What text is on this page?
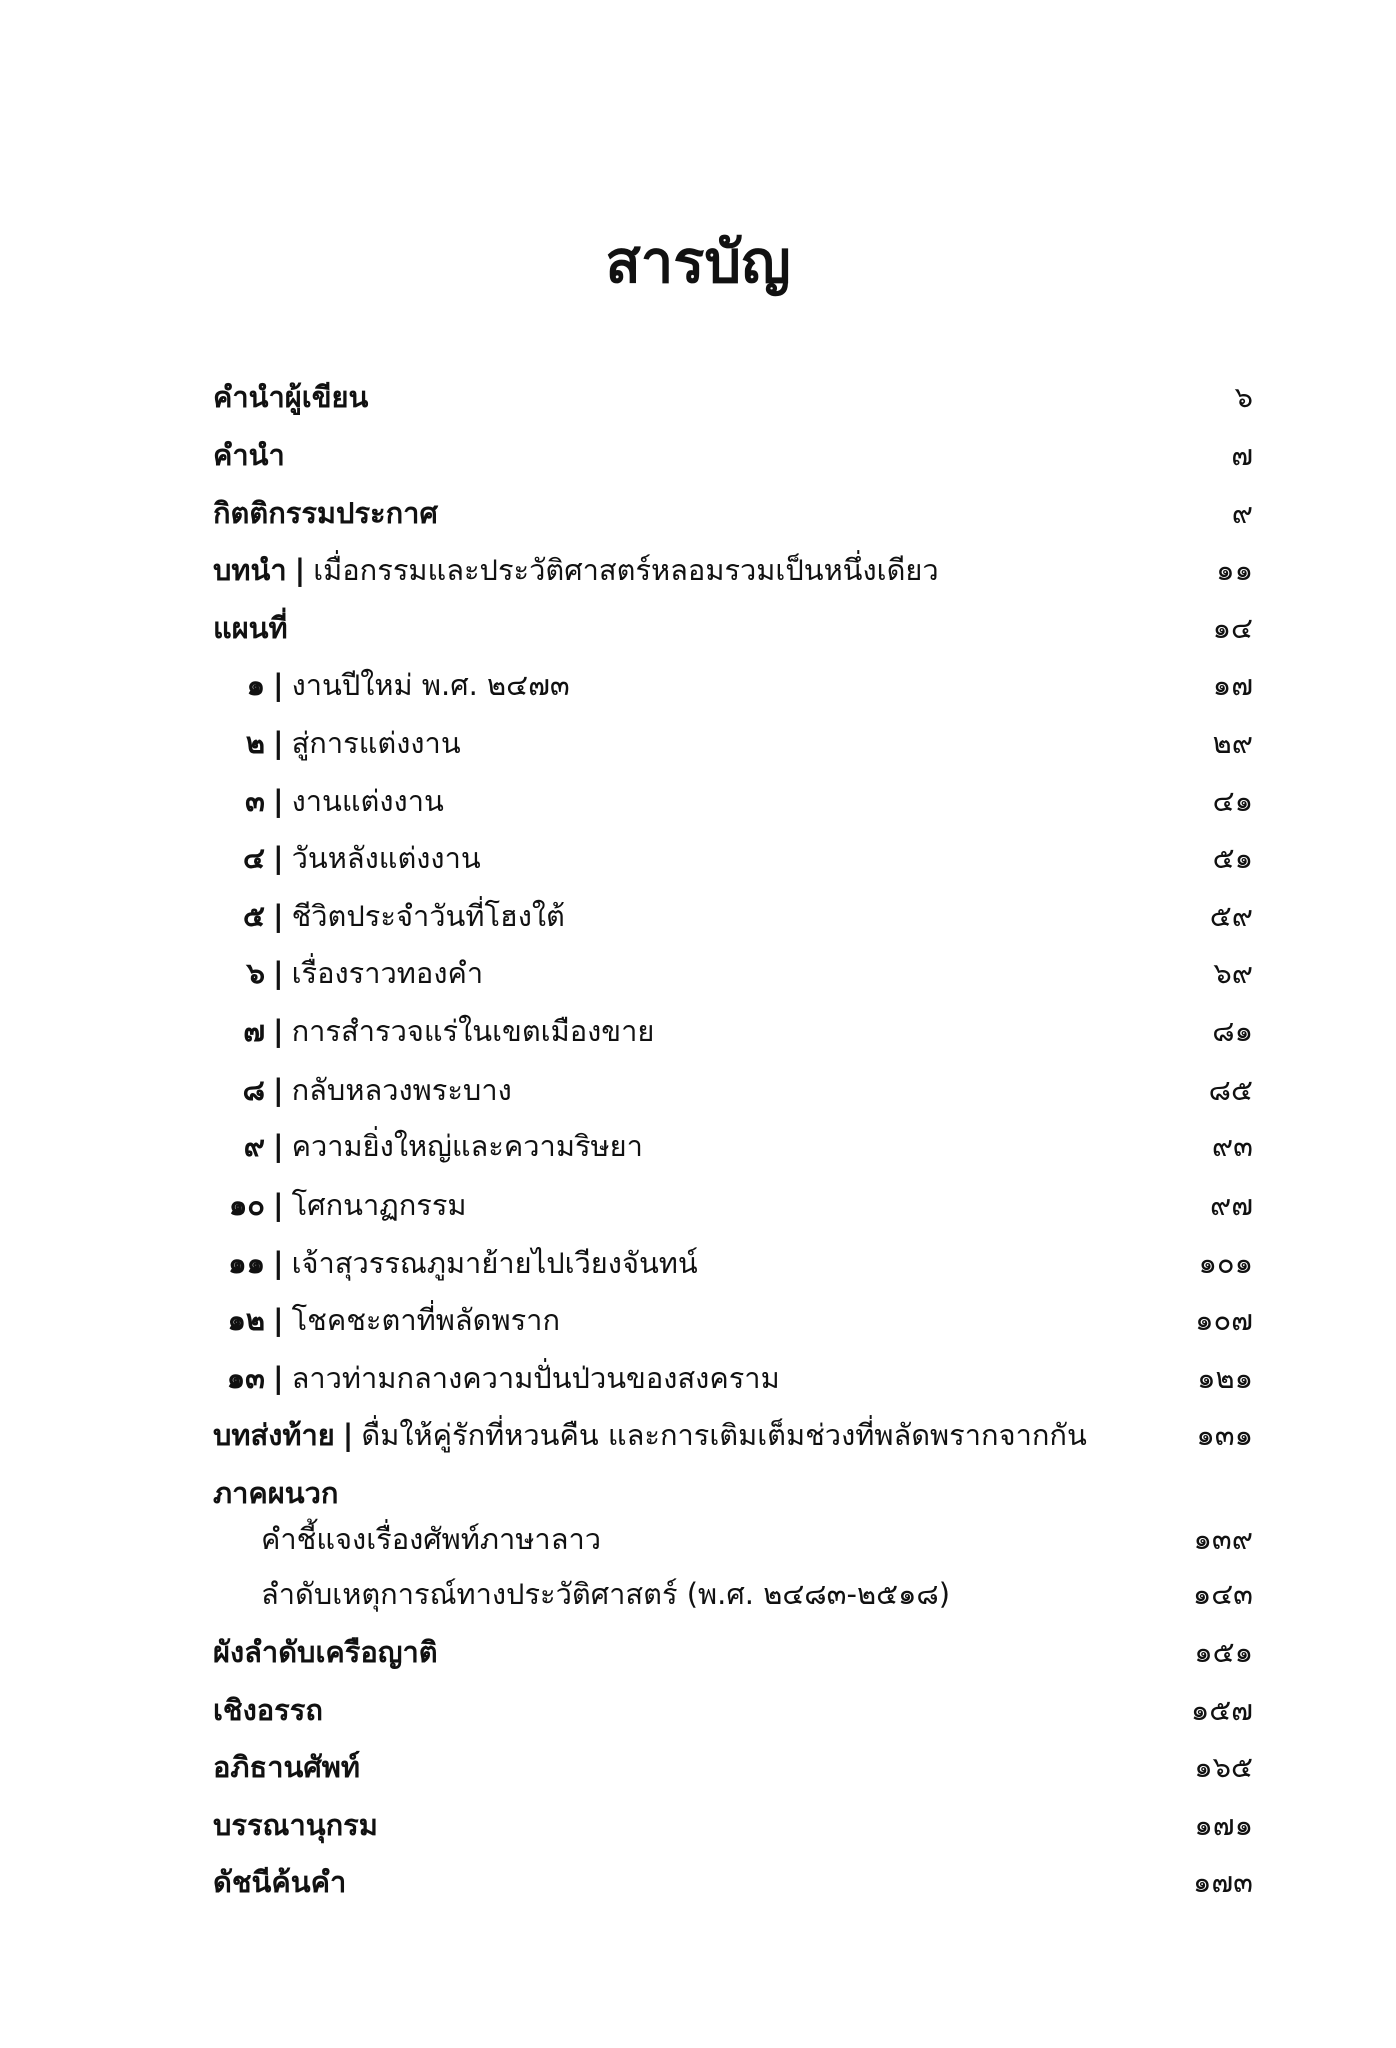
สารบัญ
คำนำผู้เขียน	๖
คำนำ	๗
กิตติกรรมประกาศ	๙
บทนำ | เมื่อกรรมและประวัติศาสตร์หลอมรวมเป็นหนึ่งเดียว	๑๑
แผนที่	๑๔
๑ | งานปีใหม่ พ.ศ. ๒๔๗๓	๑๗
๒ | สู่การแต่งงาน	๒๙
๓ | งานแต่งงาน	๔๑
๔ | วันหลังแต่งงาน	๕๑
๕ | ชีวิตประจำวันที่โฮงใต้	๕๙
๖ | เรื่องราวทองคำ	๖๙
๗ | การสำรวจแร่ในเขตเมืองขาย	๘๑
๘ | กลับหลวงพระบาง	๘๕
๙ | ความยิ่งใหญ่และความริษยา	๙๓
๑๐ | โศกนาฏกรรม	๙๗
๑๑ | เจ้าสุวรรณภูมาย้ายไปเวียงจันทน์	๑๐๑
๑๒ | โชคชะตาที่พลัดพราก	๑๐๗
๑๓ | ลาวท่ามกลางความปั่นป่วนของสงคราม	๑๒๑
บทส่งท้าย | ดื่มให้คู่รักที่หวนคืน และการเติมเต็มช่วงที่พลัดพรากจากกัน	๑๓๑
ภาคผนวก
คำชี้แจงเรื่องศัพท์ภาษาลาว	๑๓๙
ลำดับเหตุการณ์ทางประวัติศาสตร์ (พ.ศ. ๒๔๘๓-๒๕๑๘)	๑๔๓
ผังลำดับเครือญาติ	๑๕๑
เชิงอรรถ	๑๕๗
อภิธานศัพท์	๑๖๕
บรรณานุกรม	๑๗๑
ดัชนีค้นคำ	๑๗๓
